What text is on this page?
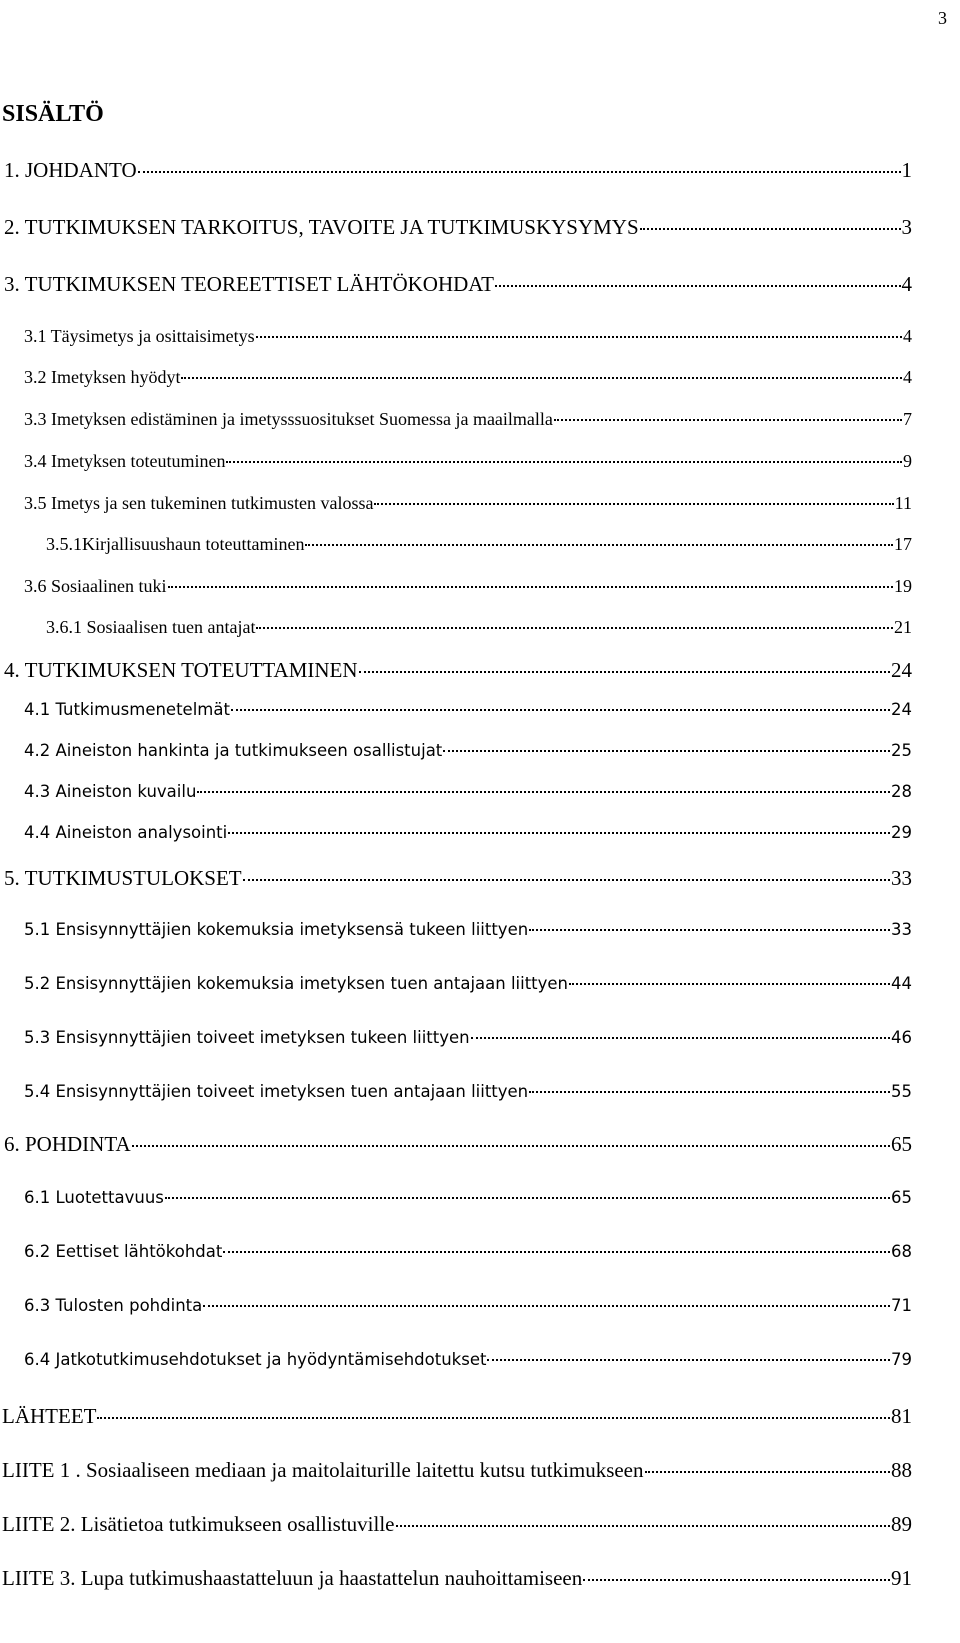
3
SISÄLTÖ
1. JOHDANTO	1
2. TUTKIMUKSEN TARKOITUS, TAVOITE JA TUTKIMUSKYSYMYS	3
3. TUTKIMUKSEN TEOREETTISET LÄHTÖKOHDAT	4
3.1 Täysimetys ja osittaisimetys	4
3.2 Imetyksen hyödyt	4
3.3 Imetyksen edistäminen ja imetysssuositukset Suomessa ja maailmalla	7
3.4 Imetyksen toteutuminen	9
3.5 Imetys ja sen tukeminen tutkimusten valossa	11
3.5.1Kirjallisuushaun toteuttaminen	17
3.6 Sosiaalinen tuki	19
3.6.1 Sosiaalisen tuen antajat	21
4. TUTKIMUKSEN TOTEUTTAMINEN	24
4.1 Tutkimusmenetelmät	24
4.2 Aineiston hankinta ja tutkimukseen osallistujat	25
4.3 Aineiston kuvailu	28
4.4 Aineiston analysointi	29
5. TUTKIMUSTULOKSET	33
5.1 Ensisynnyttäjien kokemuksia imetyksensä tukeen liittyen	33
5.2 Ensisynnyttäjien kokemuksia imetyksen tuen antajaan liittyen	44
5.3 Ensisynnyttäjien toiveet imetyksen tukeen liittyen	46
5.4 Ensisynnyttäjien toiveet imetyksen tuen antajaan liittyen	55
6. POHDINTA	65
6.1 Luotettavuus	65
6.2 Eettiset lähtökohdat	68
6.3 Tulosten pohdinta	71
6.4 Jatkotutkimusehdotukset ja hyödyntämisehdotukset	79
LÄHTEET	81
LIITE 1 . Sosiaaliseen mediaan ja maitolaiturille laitettu kutsu tutkimukseen	88
LIITE 2. Lisätietoa tutkimukseen osallistuville	89
LIITE 3. Lupa tutkimushaastatteluun ja haastattelun nauhoittamiseen	91
